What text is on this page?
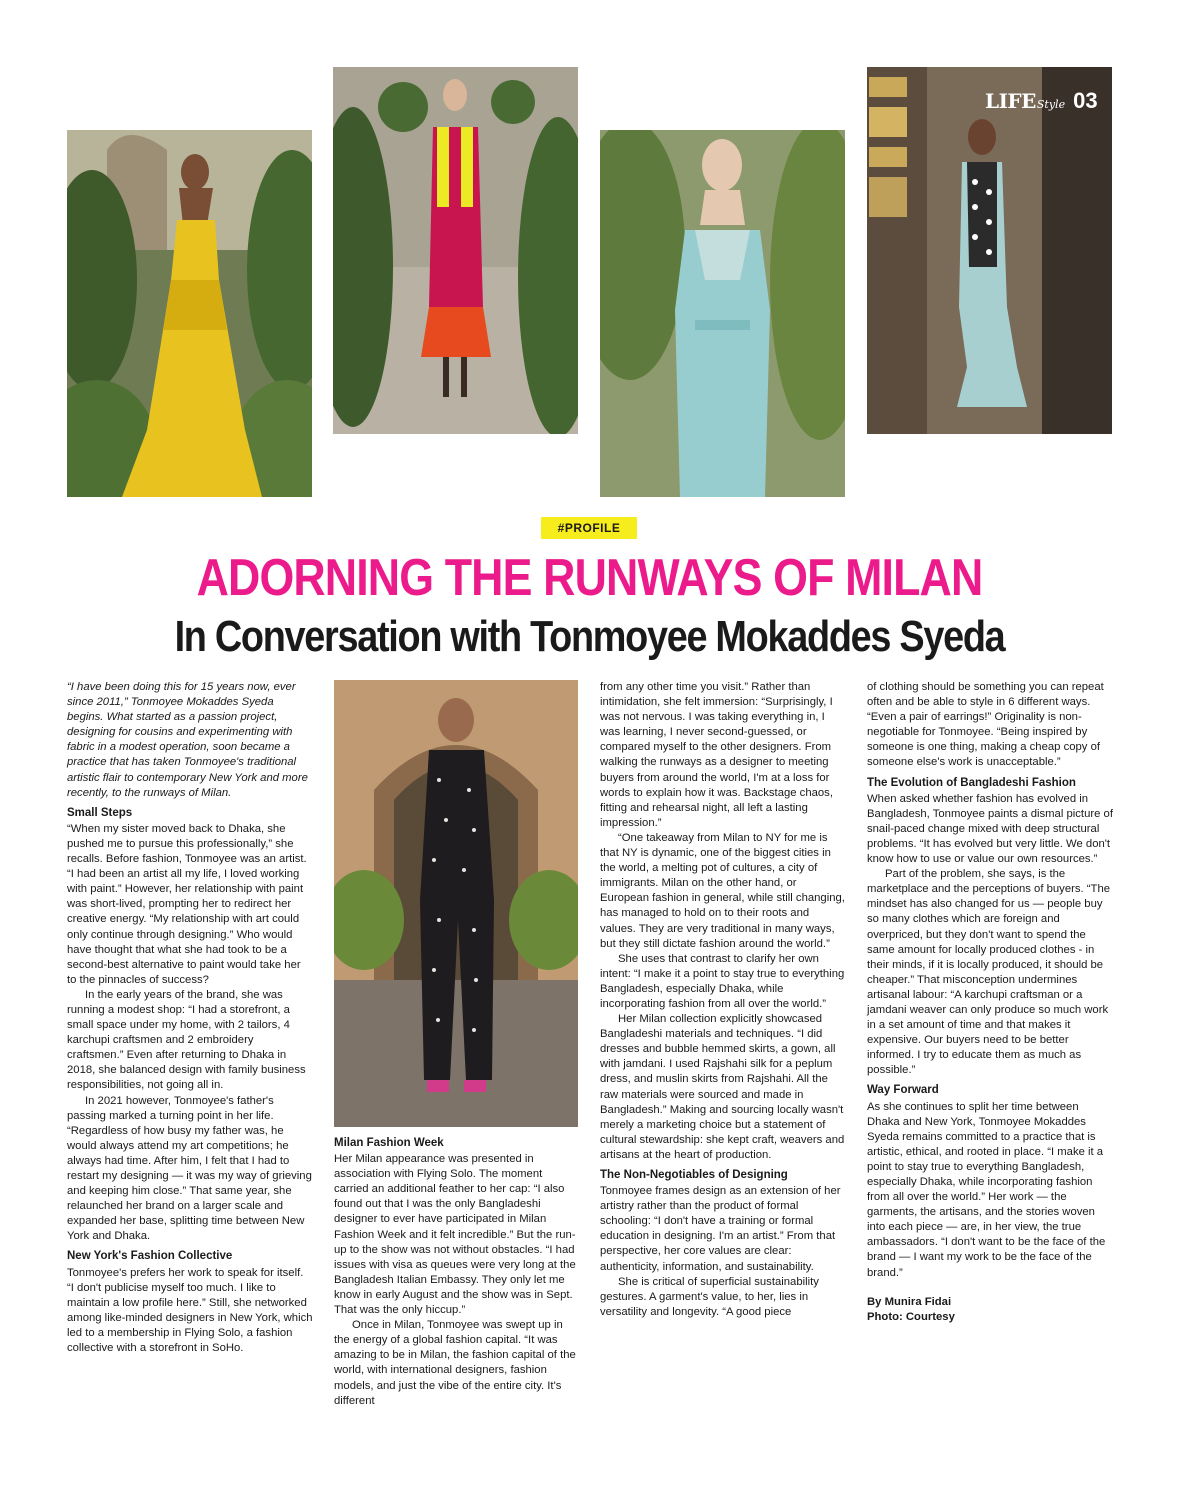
LIFE Style 03
#PROFILE
ADORNING THE RUNWAYS OF MILAN
In Conversation with Tonmoyee Mokaddes Syeda

“I have been doing this for 15 years now, ever since 2011,” Tonmoyee Mokaddes Syeda begins. What started as a passion project, designing for cousins and experimenting with fabric in a modest operation, soon became a practice that has taken Tonmoyee's traditional artistic flair to contemporary New York and more recently, to the runways of Milan.

Small Steps

“When my sister moved back to Dhaka, she pushed me to pursue this professionally,” she recalls. Before fashion, Tonmoyee was an artist. “I had been an artist all my life, I loved working with paint.” However, her relationship with paint was short-lived, prompting her to redirect her creative energy. “My relationship with art could only continue through designing.” Who would have thought that what she had took to be a second-best alternative to paint would take her to the pinnacles of success?

In the early years of the brand, she was running a modest shop: “I had a storefront, a small space under my home, with 2 tailors, 4 karchupi craftsmen and 2 embroidery craftsmen.” Even after returning to Dhaka in 2018, she balanced design with family business responsibilities, not going all in.

In 2021 however, Tonmoyee's father's passing marked a turning point in her life. “Regardless of how busy my father was, he would always attend my art competitions; he always had time. After him, I felt that I had to restart my designing — it was my way of grieving and keeping him close.” That same year, she relaunched her brand on a larger scale and expanded her base, splitting time between New York and Dhaka.

New York's Fashion Collective

Tonmoyee's prefers her work to speak for itself. “I don't publicise myself too much. I like to maintain a low profile here.” Still, she networked among like-minded designers in New York, which led to a membership in Flying Solo, a fashion collective with a storefront in SoHo.

Milan Fashion Week

Her Milan appearance was presented in association with Flying Solo. The moment carried an additional feather to her cap: “I also found out that I was the only Bangladeshi designer to ever have participated in Milan Fashion Week and it felt incredible.” But the run-up to the show was not without obstacles. “I had issues with visa as queues were very long at the Bangladesh Italian Embassy. They only let me know in early August and the show was in Sept. That was the only hiccup.”

Once in Milan, Tonmoyee was swept up in the energy of a global fashion capital. “It was amazing to be in Milan, the fashion capital of the world, with international designers, fashion models, and just the vibe of the entire city. It's different

from any other time you visit.” Rather than intimidation, she felt immersion: “Surprisingly, I was not nervous. I was taking everything in, I was learning, I never second-guessed, or compared myself to the other designers. From walking the runways as a designer to meeting buyers from around the world, I'm at a loss for words to explain how it was. Backstage chaos, fitting and rehearsal night, all left a lasting impression.”

“One takeaway from Milan to NY for me is that NY is dynamic, one of the biggest cities in the world, a melting pot of cultures, a city of immigrants. Milan on the other hand, or European fashion in general, while still changing, has managed to hold on to their roots and values. They are very traditional in many ways, but they still dictate fashion around the world.”

She uses that contrast to clarify her own intent: “I make it a point to stay true to everything Bangladesh, especially Dhaka, while incorporating fashion from all over the world.”

Her Milan collection explicitly showcased Bangladeshi materials and techniques. “I did dresses and bubble hemmed skirts, a gown, all with jamdani. I used Rajshahi silk for a peplum dress, and muslin skirts from Rajshahi. All the raw materials were sourced and made in Bangladesh.” Making and sourcing locally wasn't merely a marketing choice but a statement of cultural stewardship: she kept craft, weavers and artisans at the heart of production.

The Non-Negotiables of Designing

Tonmoyee frames design as an extension of her artistry rather than the product of formal schooling: “I don't have a training or formal education in designing. I'm an artist.” From that perspective, her core values are clear: authenticity, information, and sustainability.

She is critical of superficial sustainability gestures. A garment's value, to her, lies in versatility and longevity. “A good piece

of clothing should be something you can repeat often and be able to style in 6 different ways. “Even a pair of earrings!” Originality is non-negotiable for Tonmoyee. “Being inspired by someone is one thing, making a cheap copy of someone else's work is unacceptable.”

The Evolution of Bangladeshi Fashion

When asked whether fashion has evolved in Bangladesh, Tonmoyee paints a dismal picture of snail-paced change mixed with deep structural problems. “It has evolved but very little. We don't know how to use or value our own resources.”

Part of the problem, she says, is the marketplace and the perceptions of buyers. “The mindset has also changed for us — people buy so many clothes which are foreign and overpriced, but they don't want to spend the same amount for locally produced clothes - in their minds, if it is locally produced, it should be cheaper.” That misconception undermines artisanal labour: “A karchupi craftsman or a jamdani weaver can only produce so much work in a set amount of time and that makes it expensive. Our buyers need to be better informed. I try to educate them as much as possible.”

Way Forward

As she continues to split her time between Dhaka and New York, Tonmoyee Mokaddes Syeda remains committed to a practice that is artistic, ethical, and rooted in place. “I make it a point to stay true to everything Bangladesh, especially Dhaka, while incorporating fashion from all over the world.” Her work — the garments, the artisans, and the stories woven into each piece — are, in her view, the true ambassadors. “I don't want to be the face of the brand — I want my work to be the face of the brand.”

By Munira Fidai
Photo: Courtesy
